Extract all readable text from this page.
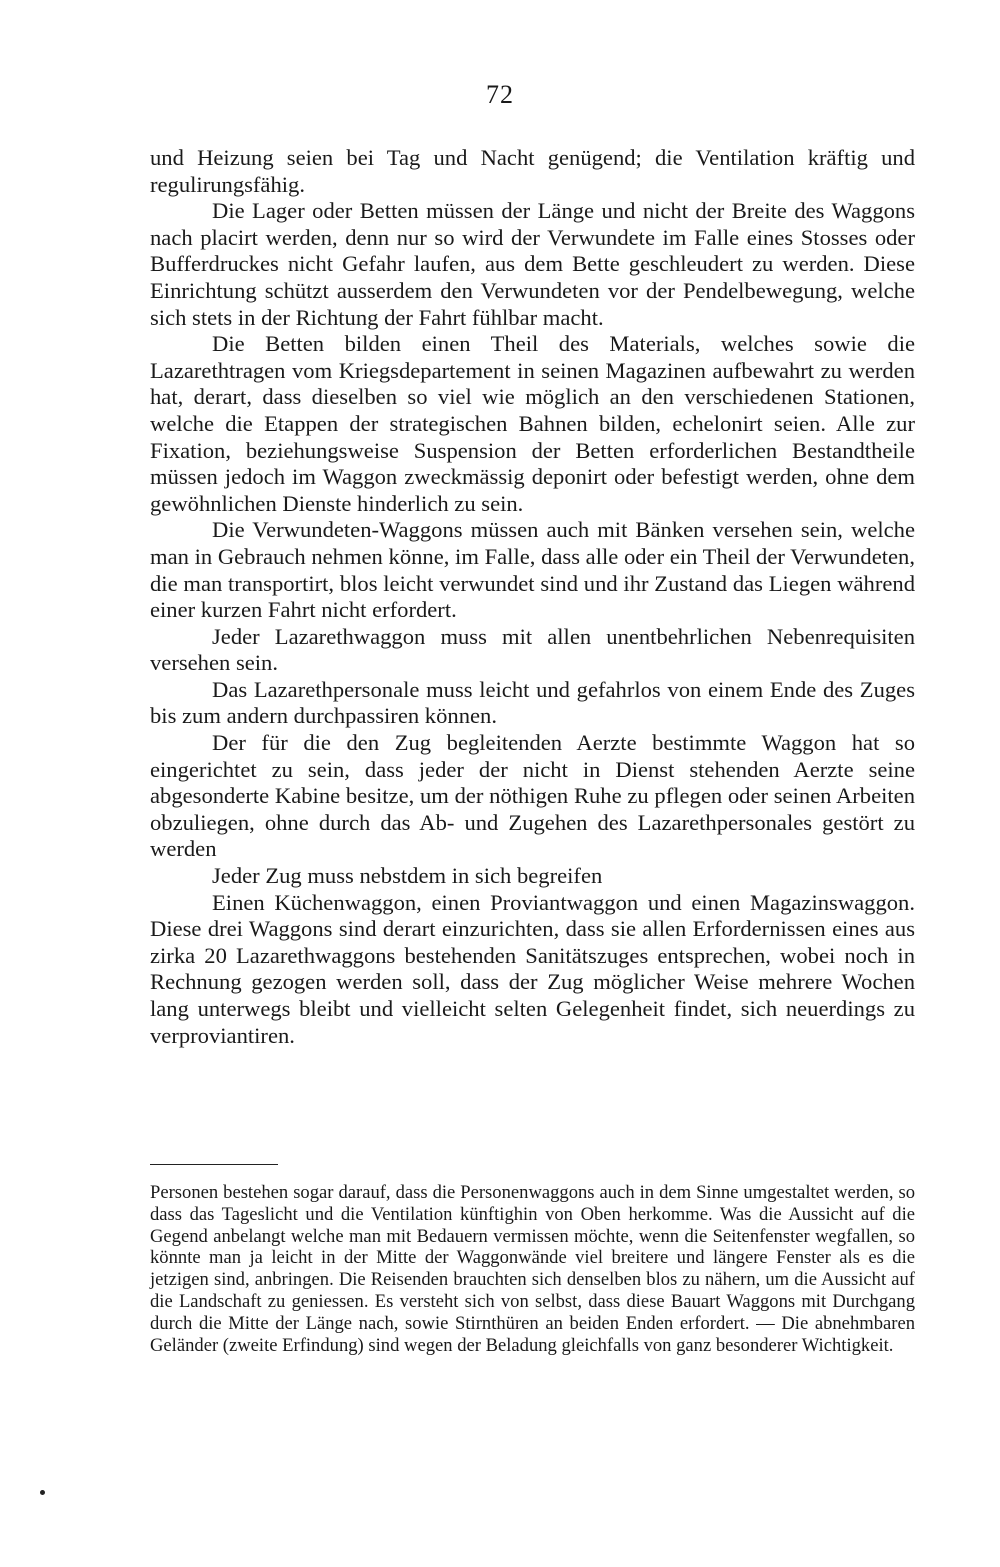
72

und Heizung seien bei Tag und Nacht genügend; die Ventilation kräftig und regulirungsfähig.

Die Lager oder Betten müssen der Länge und nicht der Breite des Waggons nach placirt werden, denn nur so wird der Verwundete im Falle eines Stosses oder Bufferdruckes nicht Gefahr laufen, aus dem Bette geschleudert zu werden. Diese Einrichtung schützt ausserdem den Verwundeten vor der Pendelbewegung, welche sich stets in der Richtung der Fahrt fühlbar macht.

Die Betten bilden einen Theil des Materials, welches sowie die Lazarethtragen vom Kriegsdepartement in seinen Magazinen aufbewahrt zu werden hat, derart, dass dieselben so viel wie möglich an den verschiedenen Stationen, welche die Etappen der strategischen Bahnen bilden, echelonirt seien. Alle zur Fixation, beziehungsweise Suspension der Betten erforderlichen Bestandtheile müssen jedoch im Waggon zweckmässig deponirt oder befestigt werden, ohne dem gewöhnlichen Dienste hinderlich zu sein.

Die Verwundeten-Waggons müssen auch mit Bänken versehen sein, welche man in Gebrauch nehmen könne, im Falle, dass alle oder ein Theil der Verwundeten, die man transportirt, blos leicht verwundet sind und ihr Zustand das Liegen während einer kurzen Fahrt nicht erfordert.

Jeder Lazarethwaggon muss mit allen unentbehrlichen Nebenrequisiten versehen sein.

Das Lazarethpersonale muss leicht und gefahrlos von einem Ende des Zuges bis zum andern durchpassiren können.

Der für die den Zug begleitenden Aerzte bestimmte Waggon hat so eingerichtet zu sein, dass jeder der nicht in Dienst stehenden Aerzte seine abgesonderte Kabine besitze, um der nöthigen Ruhe zu pflegen oder seinen Arbeiten obzuliegen, ohne durch das Ab- und Zugehen des Lazarethpersonales gestört zu werden

Jeder Zug muss nebstdem in sich begreifen

Einen Küchenwaggon, einen Proviantwaggon und einen Magazinswaggon. Diese drei Waggons sind derart einzurichten, dass sie allen Erfordernissen eines aus zirka 20 Lazarethwaggons bestehenden Sanitätszuges entsprechen, wobei noch in Rechnung gezogen werden soll, dass der Zug möglicher Weise mehrere Wochen lang unterwegs bleibt und vielleicht selten Gelegenheit findet, sich neuerdings zu verproviantiren.

Personen bestehen sogar darauf, dass die Personenwaggons auch in dem Sinne umgestaltet werden, so dass das Tageslicht und die Ventilation künftighin von Oben herkomme. Was die Aussicht auf die Gegend anbelangt welche man mit Bedauern vermissen möchte, wenn die Seitenfenster wegfallen, so könnte man ja leicht in der Mitte der Waggonwände viel breitere und längere Fenster als es die jetzigen sind, anbringen. Die Reisenden brauchten sich denselben blos zu nähern, um die Aussicht auf die Landschaft zu geniessen. Es versteht sich von selbst, dass diese Bauart Waggons mit Durchgang durch die Mitte der Länge nach, sowie Stirnthüren an beiden Enden erfordert. — Die abnehmbaren Geländer (zweite Erfindung) sind wegen der Beladung gleichfalls von ganz besonderer Wichtigkeit.
